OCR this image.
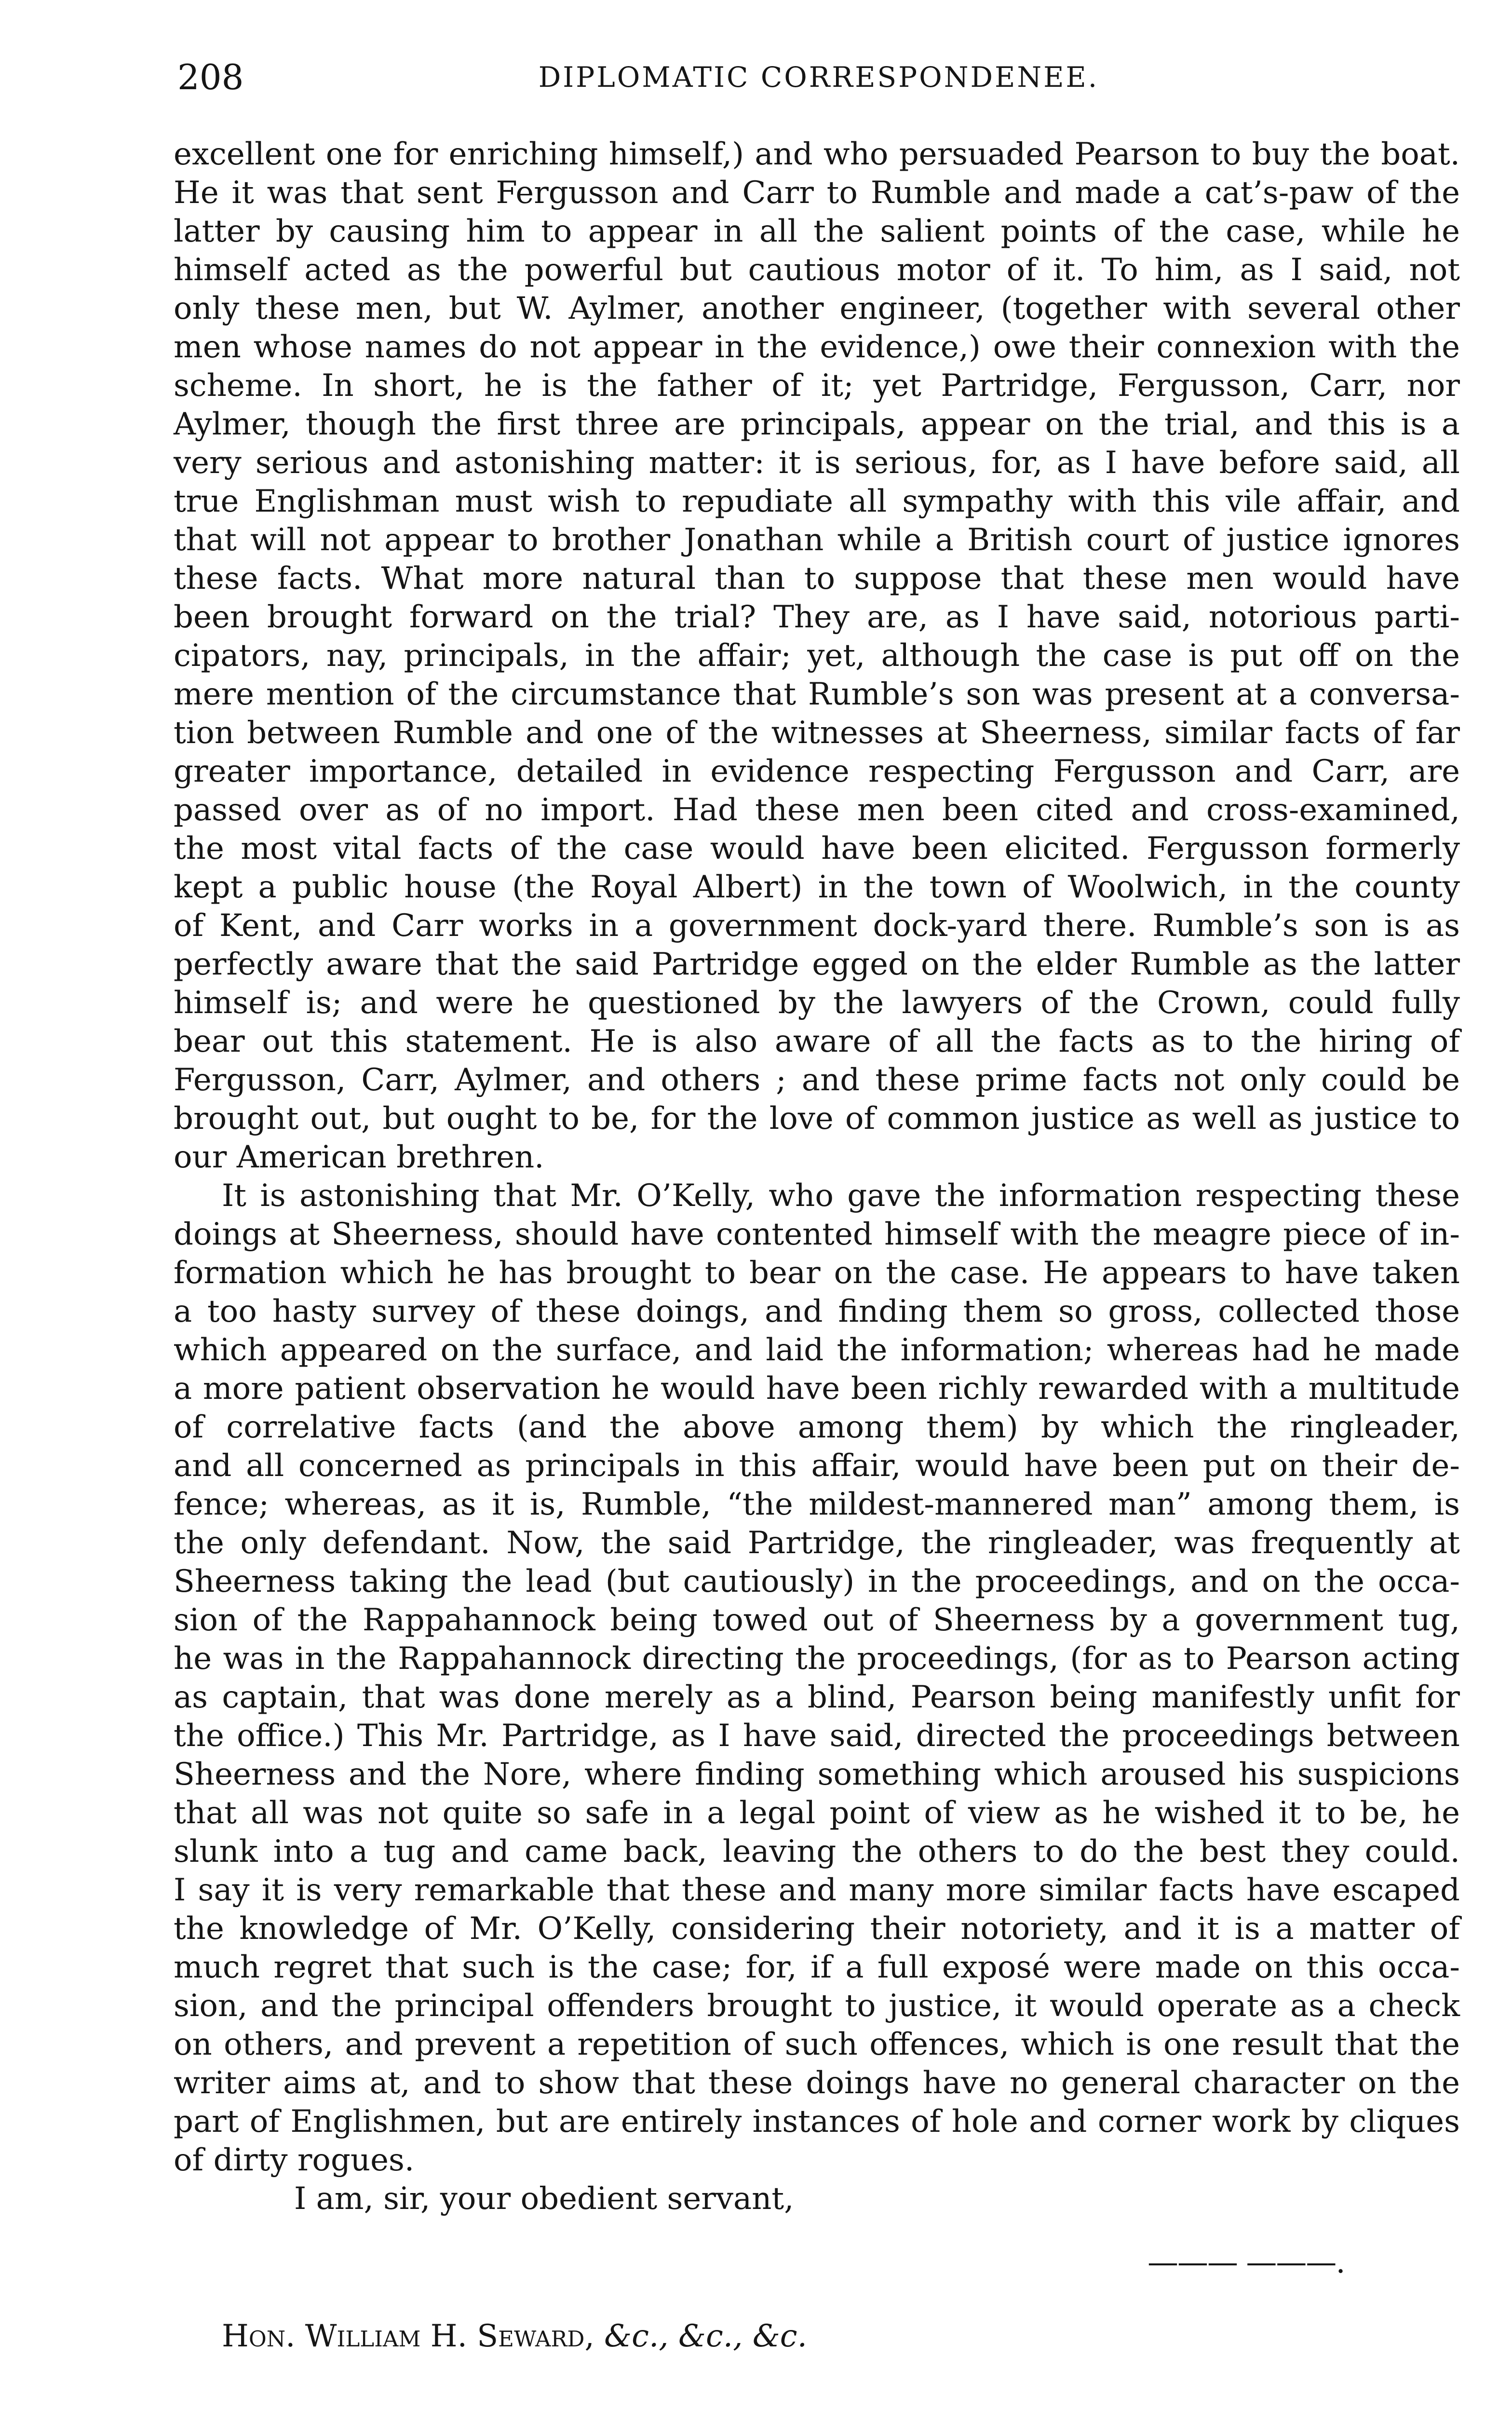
208	DIPLOMATIC CORRESPONDENEE.
excellent one for enriching himself,) and who persuaded Pearson to buy the boat.
He it was that sent Fergusson and Carr to Rumble and made a cat’s-paw of the
latter by causing him to appear in all the salient points of the case, while he
himself acted as the powerful but cautious motor of it. To him, as I said, not
only these men, but W. Aylmer, another engineer, (together with several other
men whose names do not appear in the evidence,) owe their connexion with the
scheme. In short, he is the father of it; yet Partridge, Fergusson, Carr, nor
Aylmer, though the first three are principals, appear on the trial, and this is a
very serious and astonishing matter: it is serious, for, as I have before said, all
true Englishman must wish to repudiate all sympathy with this vile affair, and
that will not appear to brother Jonathan while a British court of justice ignores
these facts. What more natural than to suppose that these men would have
been brought forward on the trial? They are, as I have said, notorious parti-
cipators, nay, principals, in the affair; yet, although the case is put off on the
mere mention of the circumstance that Rumble’s son was present at a conversa-
tion between Rumble and one of the witnesses at Sheerness, similar facts of far
greater importance, detailed in evidence respecting Fergusson and Carr, are
passed over as of no import. Had these men been cited and cross-examined,
the most vital facts of the case would have been elicited. Fergusson formerly
kept a public house (the Royal Albert) in the town of Woolwich, in the county
of Kent, and Carr works in a government dock-yard there. Rumble’s son is as
perfectly aware that the said Partridge egged on the elder Rumble as the latter
himself is; and were he questioned by the lawyers of the Crown, could fully
bear out this statement. He is also aware of all the facts as to the hiring of
Fergusson, Carr, Aylmer, and others ; and these prime facts not only could be
brought out, but ought to be, for the love of common justice as well as justice to
our American brethren.
It is astonishing that Mr. O’Kelly, who gave the information respecting these
doings at Sheerness, should have contented himself with the meagre piece of in-
formation which he has brought to bear on the case. He appears to have taken
a too hasty survey of these doings, and finding them so gross, collected those
which appeared on the surface, and laid the information; whereas had he made
a more patient observation he would have been richly rewarded with a multitude
of correlative facts (and the above among them) by which the ringleader,
and all concerned as principals in this affair, would have been put on their de-
fence; whereas, as it is, Rumble, “the mildest-mannered man” among them, is
the only defendant. Now, the said Partridge, the ringleader, was frequently at
Sheerness taking the lead (but cautiously) in the proceedings, and on the occa-
sion of the Rappahannock being towed out of Sheerness by a government tug,
he was in the Rappahannock directing the proceedings, (for as to Pearson acting
as captain, that was done merely as a blind, Pearson being manifestly unfit for
the office.) This Mr. Partridge, as I have said, directed the proceedings between
Sheerness and the Nore, where finding something which aroused his suspicions
that all was not quite so safe in a legal point of view as he wished it to be, he
slunk into a tug and came back, leaving the others to do the best they could.
I say it is very remarkable that these and many more similar facts have escaped
the knowledge of Mr. O’Kelly, considering their notoriety, and it is a matter of
much regret that such is the case; for, if a full exposé were made on this occa-
sion, and the principal offenders brought to justice, it would operate as a check
on others, and prevent a repetition of such offences, which is one result that the
writer aims at, and to show that these doings have no general character on the
part of Englishmen, but are entirely instances of hole and corner work by cliques
of dirty rogues.
I am, sir, your obedient servant,
——— ———.
Hon. William H. Seward, &c., &c., &c.
